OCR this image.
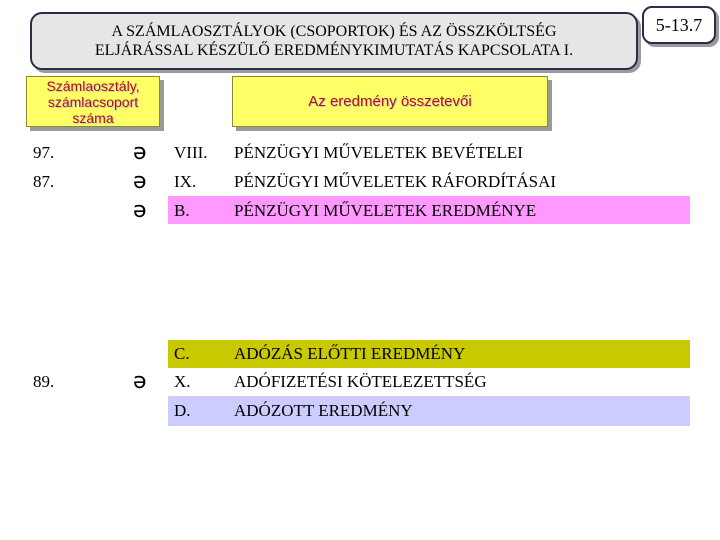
A SZÁMLAOSZTÁLYOK (CSOPORTOK) ÉS AZ ÖSSZKÖLTSÉG
ELJÁRÁSSAL KÉSZÜLŐ EREDMÉNYKIMUTATÁS KAPCSOLATA I.
5-13.7
Számlaosztály,
számlacsoport
száma
Az eredmény összetevői
97.	ə VIII. PÉNZÜGYI MŰVELETEK BEVÉTELEI
87.	ə IX. PÉNZÜGYI MŰVELETEK RÁFORDÍTÁSAI
ə B.	PÉNZÜGYI MŰVELETEK EREDMÉNYE
C.	ADÓZÁS ELŐTTI EREDMÉNY
89.	ə X.	ADÓFIZETÉSI KÖTELEZETTSÉG
D.	ADÓZOTT EREDMÉNY
